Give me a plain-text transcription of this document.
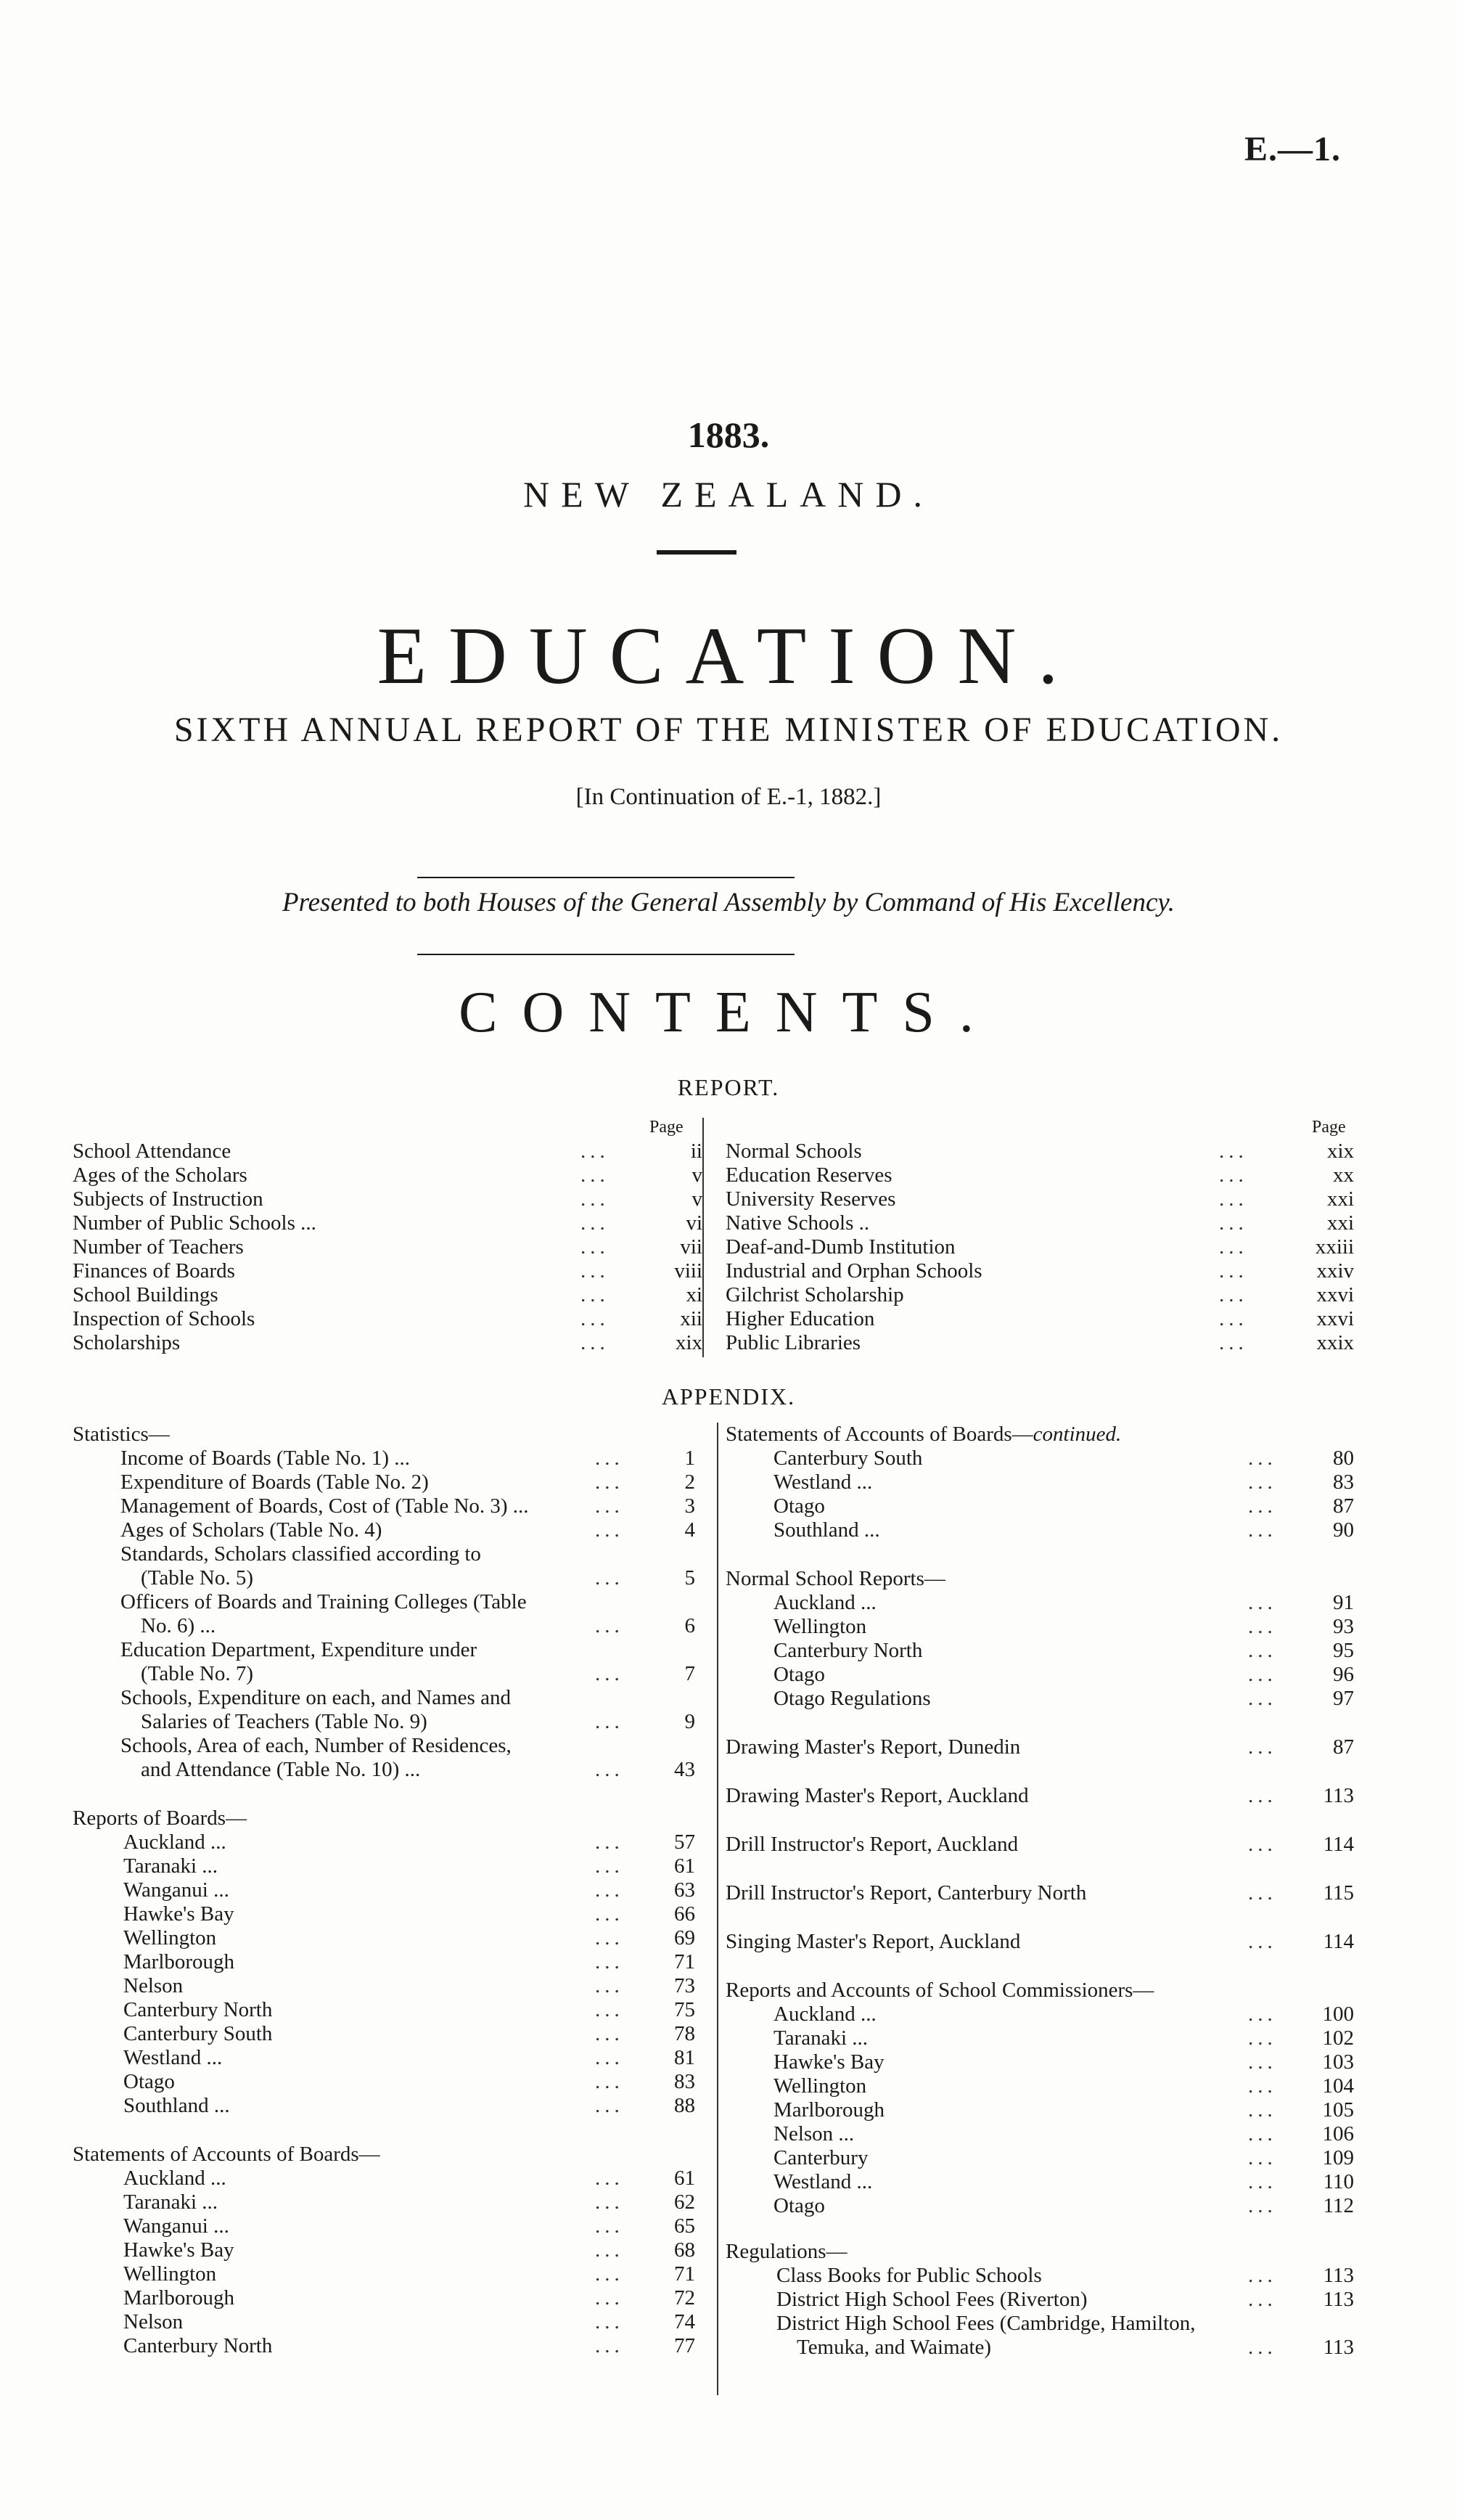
E.—1.
1883.
NEW ZEALAND.
EDUCATION.
SIXTH ANNUAL REPORT OF THE MINISTER OF EDUCATION.
[In Continuation of E.-1, 1882.]
Presented to both Houses of the General Assembly by Command of His Excellency.
CONTENTS.
REPORT.
APPENDIX.
Page	Page
School Attendance	...	ii
Ages of the Scholars	...	v
Subjects of Instruction	...	v
Number of Public Schools ...	...	vi
Number of Teachers	...	vii
Finances of Boards	...	viii
School Buildings	...	xi
Inspection of Schools	...	xii
Scholarships	...	xix
Normal Schools	...	xix
Education Reserves	...	xx
University Reserves	...	xxi
Native Schools ..	...	xxi
Deaf-and-Dumb Institution	...	xxiii
Industrial and Orphan Schools	...	xxiv
Gilchrist Scholarship	...	xxvi
Higher Education	...	xxvi
Public Libraries	...	xxix
Statistics—
Income of Boards (Table No. 1) ...	...	1
Expenditure of Boards (Table No. 2)	...	2
Management of Boards, Cost of (Table No. 3) ...	...	3
Ages of Scholars (Table No. 4)	...	4
Standards, Scholars classified according to
(Table No. 5)	...	5
Officers of Boards and Training Colleges (Table
No. 6) ...	...	6
Education Department, Expenditure under
(Table No. 7)	...	7
Schools, Expenditure on each, and Names and
Salaries of Teachers (Table No. 9)	...	9
Schools, Area of each, Number of Residences,
and Attendance (Table No. 10) ...	... 43
Reports of Boards—
Auckland ...	... 57
Taranaki ...	... 61
Wanganui ...	... 63
Hawke's Bay	... 66
Wellington	... 69
Marlborough	... 71
Nelson	... 73
Canterbury North	... 75
Canterbury South	... 78
Westland ...	... 81
Otago	... 83
Southland ...	... 88
Statements of Accounts of Boards—
Auckland ...	... 61
Taranaki ...	... 62
Wanganui ...	... 65
Hawke's Bay	... 68
Wellington	... 71
Marlborough	... 72
Nelson	... 74
Canterbury North	... 77
Statements of Accounts of Boards—continued.
Canterbury South	...	80
Westland ...	...	83
Otago	...	87
Southland ...	...	90
Normal School Reports—
Auckland ...	...	91
Wellington	...	93
Canterbury North	...	95
Otago	...	96
Otago Regulations	...	97
Drawing Master's Report, Dunedin	...	87
Drawing Master's Report, Auckland	... 113
Drill Instructor's Report, Auckland	... 114
Drill Instructor's Report, Canterbury North	... 115
Singing Master's Report, Auckland	... 114
Reports and Accounts of School Commissioners—
Auckland ...	... 100
Taranaki ...	... 102
Hawke's Bay	... 103
Wellington	... 104
Marlborough	... 105
Nelson ...	... 106
Canterbury	... 109
Westland ...	... 110
Otago	... 112
Regulations—
Class Books for Public Schools	... 113
District High School Fees (Riverton)	... 113
District High School Fees (Cambridge, Hamilton,
Temuka, and Waimate)	... 113
